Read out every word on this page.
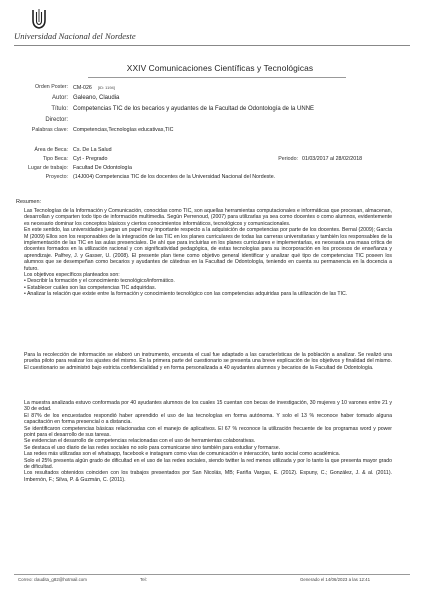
Universidad Nacional del Nordeste
XXIV Comunicaciones Científicas y Tecnológicas
Orden Poster: CM-026 [ID: 1194]
Autor: Galeano, Claudia
Título: Competencias TIC de los becarios y ayudantes de la Facultad de Odontología de la UNNE
Director:
Palabras clave: Competencias,Tecnologías educativas,TIC
Área de Beca: Cs. De La Salud
Tipo Beca: Cyt - Pregrado	Periodo: 01/03/2017 al 28/02/2018
Lugar de trabajo: Facultad De Odontología
Proyecto: (14J004) Competencias TIC de los docentes de la Universidad Nacional del Nordeste.
Resumen:

Las Tecnologías de la Información y Comunicación, conocidas como TIC, son aquellas herramientas computacionales e informáticas que procesan, almacenan, desarrollan y comparten todo tipo de información multimedia. Según Perrenoud, (2007) para utilizarlas ya sea como docentes o como alumnos, evidentemente es necesario dominar los conceptos básicos y ciertos conocimientos informáticos, tecnológicos y comunicacionales.

En este sentido, las universidades juegan un papel muy importante respecto a la adquisición de competencias por parte de los docentes. Bernal (2009); García M (2009) Ellos son los responsables de la integración de las TIC en los planes curriculares de todas las carreras universitarias y también los responsables de la implementación de las TIC en las aulas presenciales. De ahí que para incluirlas en los planes curriculares e implementarlas, es necesaria una masa crítica de docentes formados en la utilización racional y con significatividad pedagógica, de estas tecnologías para su incorporación en los procesos de enseñanza y aprendizaje. Palfrey, J. y Gasser, U. (2008). El presente plan tiene como objetivo general identificar y analizar qué tipo de competencias TIC poseen los alumnos que se desempeñan como becarios y ayudantes de cátedras en la Facultad de Odontología, teniendo en cuenta su permanencia en la docencia a futuro.

Los objetivos específicos planteados son:

• Describir la formación y el conocimiento tecnológico/informático.

• Establecer cuáles son las competencias TIC adquiridas.

• Analizar la relación que existe entre la formación y conocimiento tecnológico con las competencias adquiridas para la utilización de las TIC.

Para la recolección de información se elaboró un instrumento, encuesta el cual fue adaptado a las características de la población a analizar. Se realizó una prueba piloto para realizar los ajustes del mismo. En la primera parte del cuestionario se presenta una breve explicación de los objetivos y finalidad del mismo. El cuestionario se administró bajo estricta confidencialidad y en forma personalizada a 40 ayudantes alumnos y becarios de la Facultad de Odontología.

La muestra analizada estuvo conformada por 40 ayudantes alumnos de los cuales 15 cuentan con becas de investigación, 30 mujeres y 10 varones entre 21 y 30 de edad.

El 87% de los encuestados respondió haber aprendido el uso de las tecnologías en forma autónoma. Y solo el 13 % reconoce haber tomado alguna capacitación en forma presencial o a distancia.

Se identificaron competencias básicas relacionadas con el manejo de aplicativos. El 67 % reconoce la utilización frecuente de los programas word y power point para el desarrollo de sus tareas.

Se evidencian el desarrollo de competencias relacionadas con el uso de herramientas colaborativas.

Se destaca el uso diario de las redes sociales no solo para comunicarse sino también para estudiar y formarse.

Las redes más utilizadas son el whatsapp, facebook e instagram como vías de comunicación e interacción, tanto social como académica.

Solo el 25% presenta algún grado de dificultad en el uso de las redes sociales, siendo twitter la red menos utilizada y por lo tanto la que presenta mayor grado de dificultad.

Los resultados obtenidos coinciden con los trabajos presentados por San Nicolás, MB; Fariña Vargas, E. (2012). Espuny, C.; González, J. & al. (2011). Imbernón, F.; Silva, P. & Guzmán, C. (2011).

Correo: claudita_g82@hotmail.com	Tel:	Generado el 14/06/2023 a las 12:41
